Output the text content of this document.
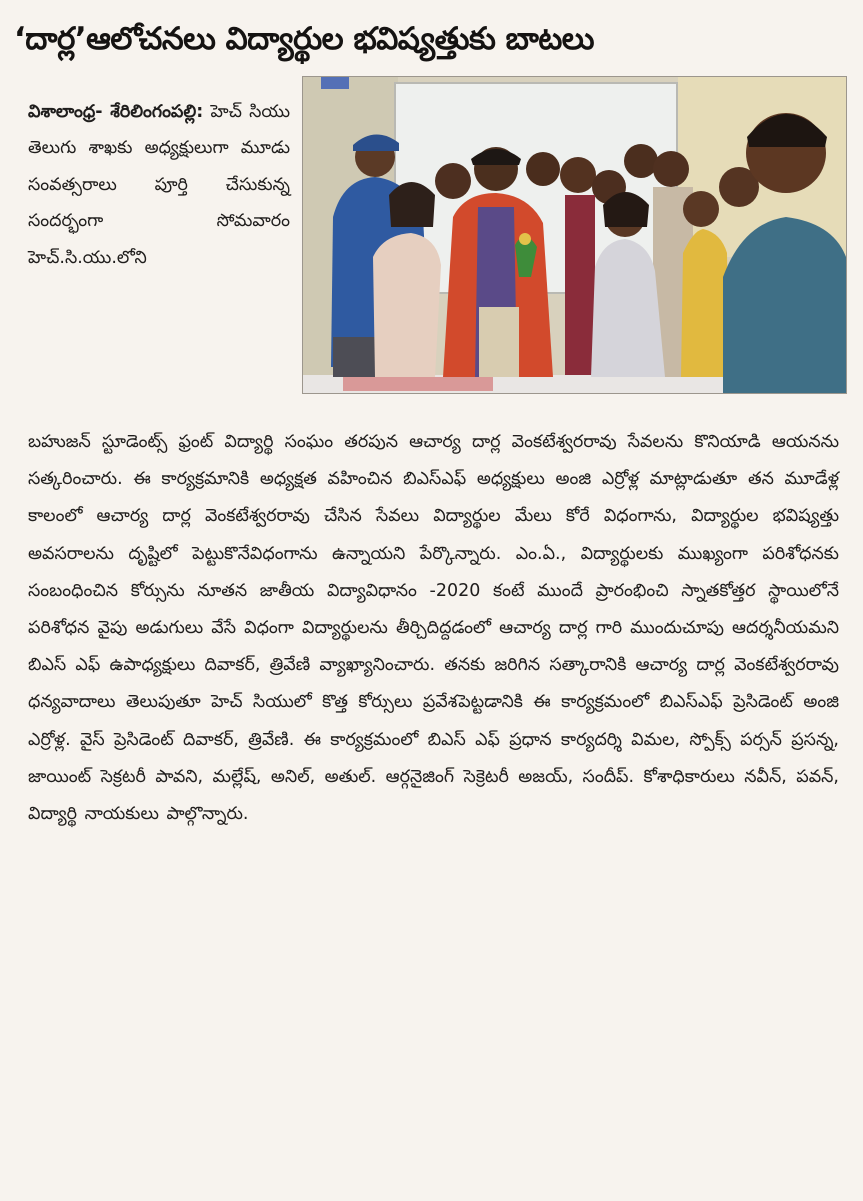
‘దార్ల’ఆలోచనలు విద్యార్థుల భవిష్యత్తుకు బాటలు

విశాలాంధ్ర- శేరిలింగంపల్లి: హెచ్ సియు తెలుగు శాఖకు అధ్యక్షులుగా మూడు సంవత్సరాలు పూర్తి చేసుకున్న సందర్భంగా సోమవారం హెచ్.సి.యు.లోని

బహుజన్ స్టూడెంట్స్ ఫ్రంట్ విద్యార్థి సంఘం తరపున ఆచార్య దార్ల వెంకటేశ్వరరావు సేవలను కొనియాడి ఆయనను సత్కరించారు. ఈ కార్యక్రమానికి అధ్యక్షత వహించిన బిఎస్ఎఫ్ అధ్యక్షులు అంజి ఎర్రోళ్ల మాట్లాడుతూ తన మూడేళ్ల కాలంలో ఆచార్య దార్ల వెంకటేశ్వరరావు చేసిన సేవలు విద్యార్థుల మేలు కోరే విధంగాను, విద్యార్థుల భవిష్యత్తు అవసరాలను దృష్టిలో పెట్టుకొనేవిధంగాను ఉన్నాయని పేర్కొన్నారు. ఎం.ఏ., విద్యార్థులకు ముఖ్యంగా పరిశోధనకు సంబంధించిన కోర్సును నూతన జాతీయ విద్యావిధానం -2020 కంటే ముందే ప్రారంభించి స్నాతకోత్తర స్థాయిలోనే పరిశోధన వైపు అడుగులు వేసే విధంగా విద్యార్థులను తీర్చిదిద్దడంలో ఆచార్య దార్ల గారి ముందుచూపు ఆదర్శనీయమని బిఎస్ ఎఫ్ ఉపాధ్యక్షులు దివాకర్, త్రివేణి వ్యాఖ్యానించారు. తనకు జరిగిన సత్కారానికి ఆచార్య దార్ల వెంకటేశ్వరరావు ధన్యవాదాలు తెలుపుతూ హెచ్ సియులో కొత్త కోర్సులు ప్రవేశపెట్టడానికి ఈ కార్యక్రమంలో బిఎస్ఎఫ్ ప్రెసిడెంట్ అంజి ఎర్రోళ్ల. వైస్ ప్రెసిడెంట్ దివాకర్, త్రివేణి. ఈ కార్యక్రమంలో బిఎస్ ఎఫ్ ప్రధాన కార్యదర్శి విమల, స్పోక్స్ పర్సన్ ప్రసన్న, జాయింట్ సెక్రటరీ పావని, మల్లేష్, అనిల్, అతుల్. ఆర్గనైజింగ్ సెక్రెటరీ అజయ్, సందీప్. కోశాధికారులు నవీన్, పవన్, విద్యార్థి నాయకులు పాల్గొన్నారు.
